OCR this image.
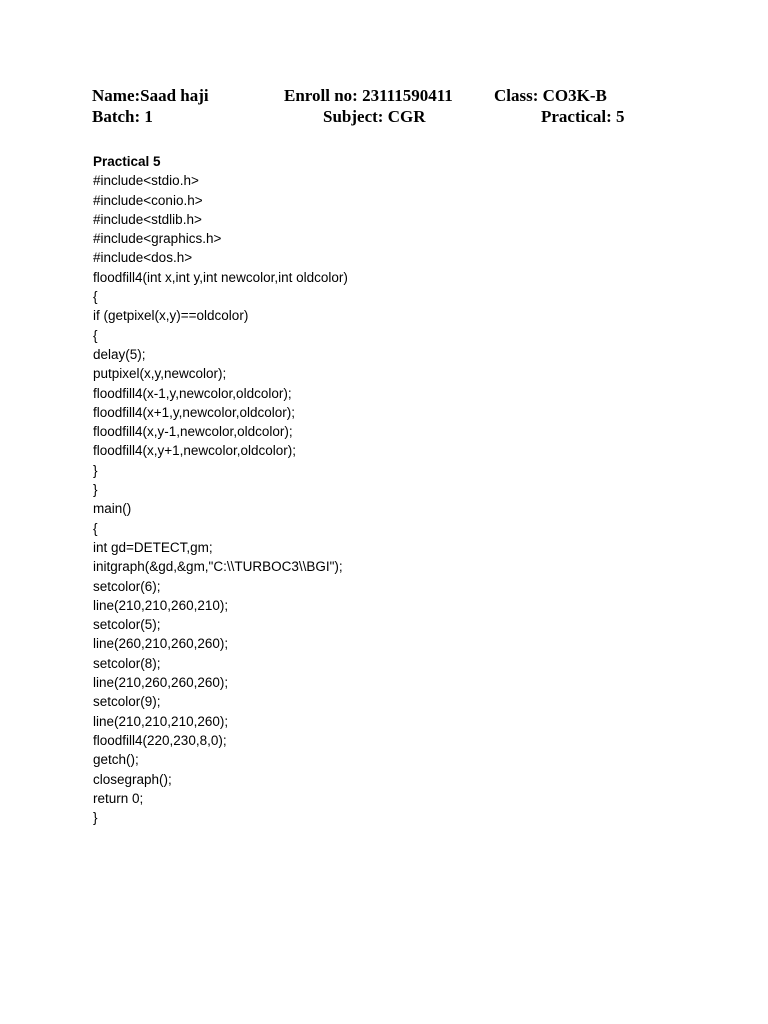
Name:Saad haji	Enroll no: 23111590411 Class: CO3K-B
Batch: 1	Subject: CGR	Practical: 5
Practical 5
#include<stdio.h>
#include<conio.h>
#include<stdlib.h>
#include<graphics.h>
#include<dos.h>
floodfill4(int x,int y,int newcolor,int oldcolor)
{
if (getpixel(x,y)==oldcolor)
{
delay(5);
putpixel(x,y,newcolor);
floodfill4(x-1,y,newcolor,oldcolor);
floodfill4(x+1,y,newcolor,oldcolor);
floodfill4(x,y-1,newcolor,oldcolor);
floodfill4(x,y+1,newcolor,oldcolor);
}
}
main()
{
int gd=DETECT,gm;
initgraph(&gd,&gm,"C:\\TURBOC3\\BGI");
setcolor(6);
line(210,210,260,210);
setcolor(5);
line(260,210,260,260);
setcolor(8);
line(210,260,260,260);
setcolor(9);
line(210,210,210,260);
floodfill4(220,230,8,0);
getch();
closegraph();
return 0;
}
